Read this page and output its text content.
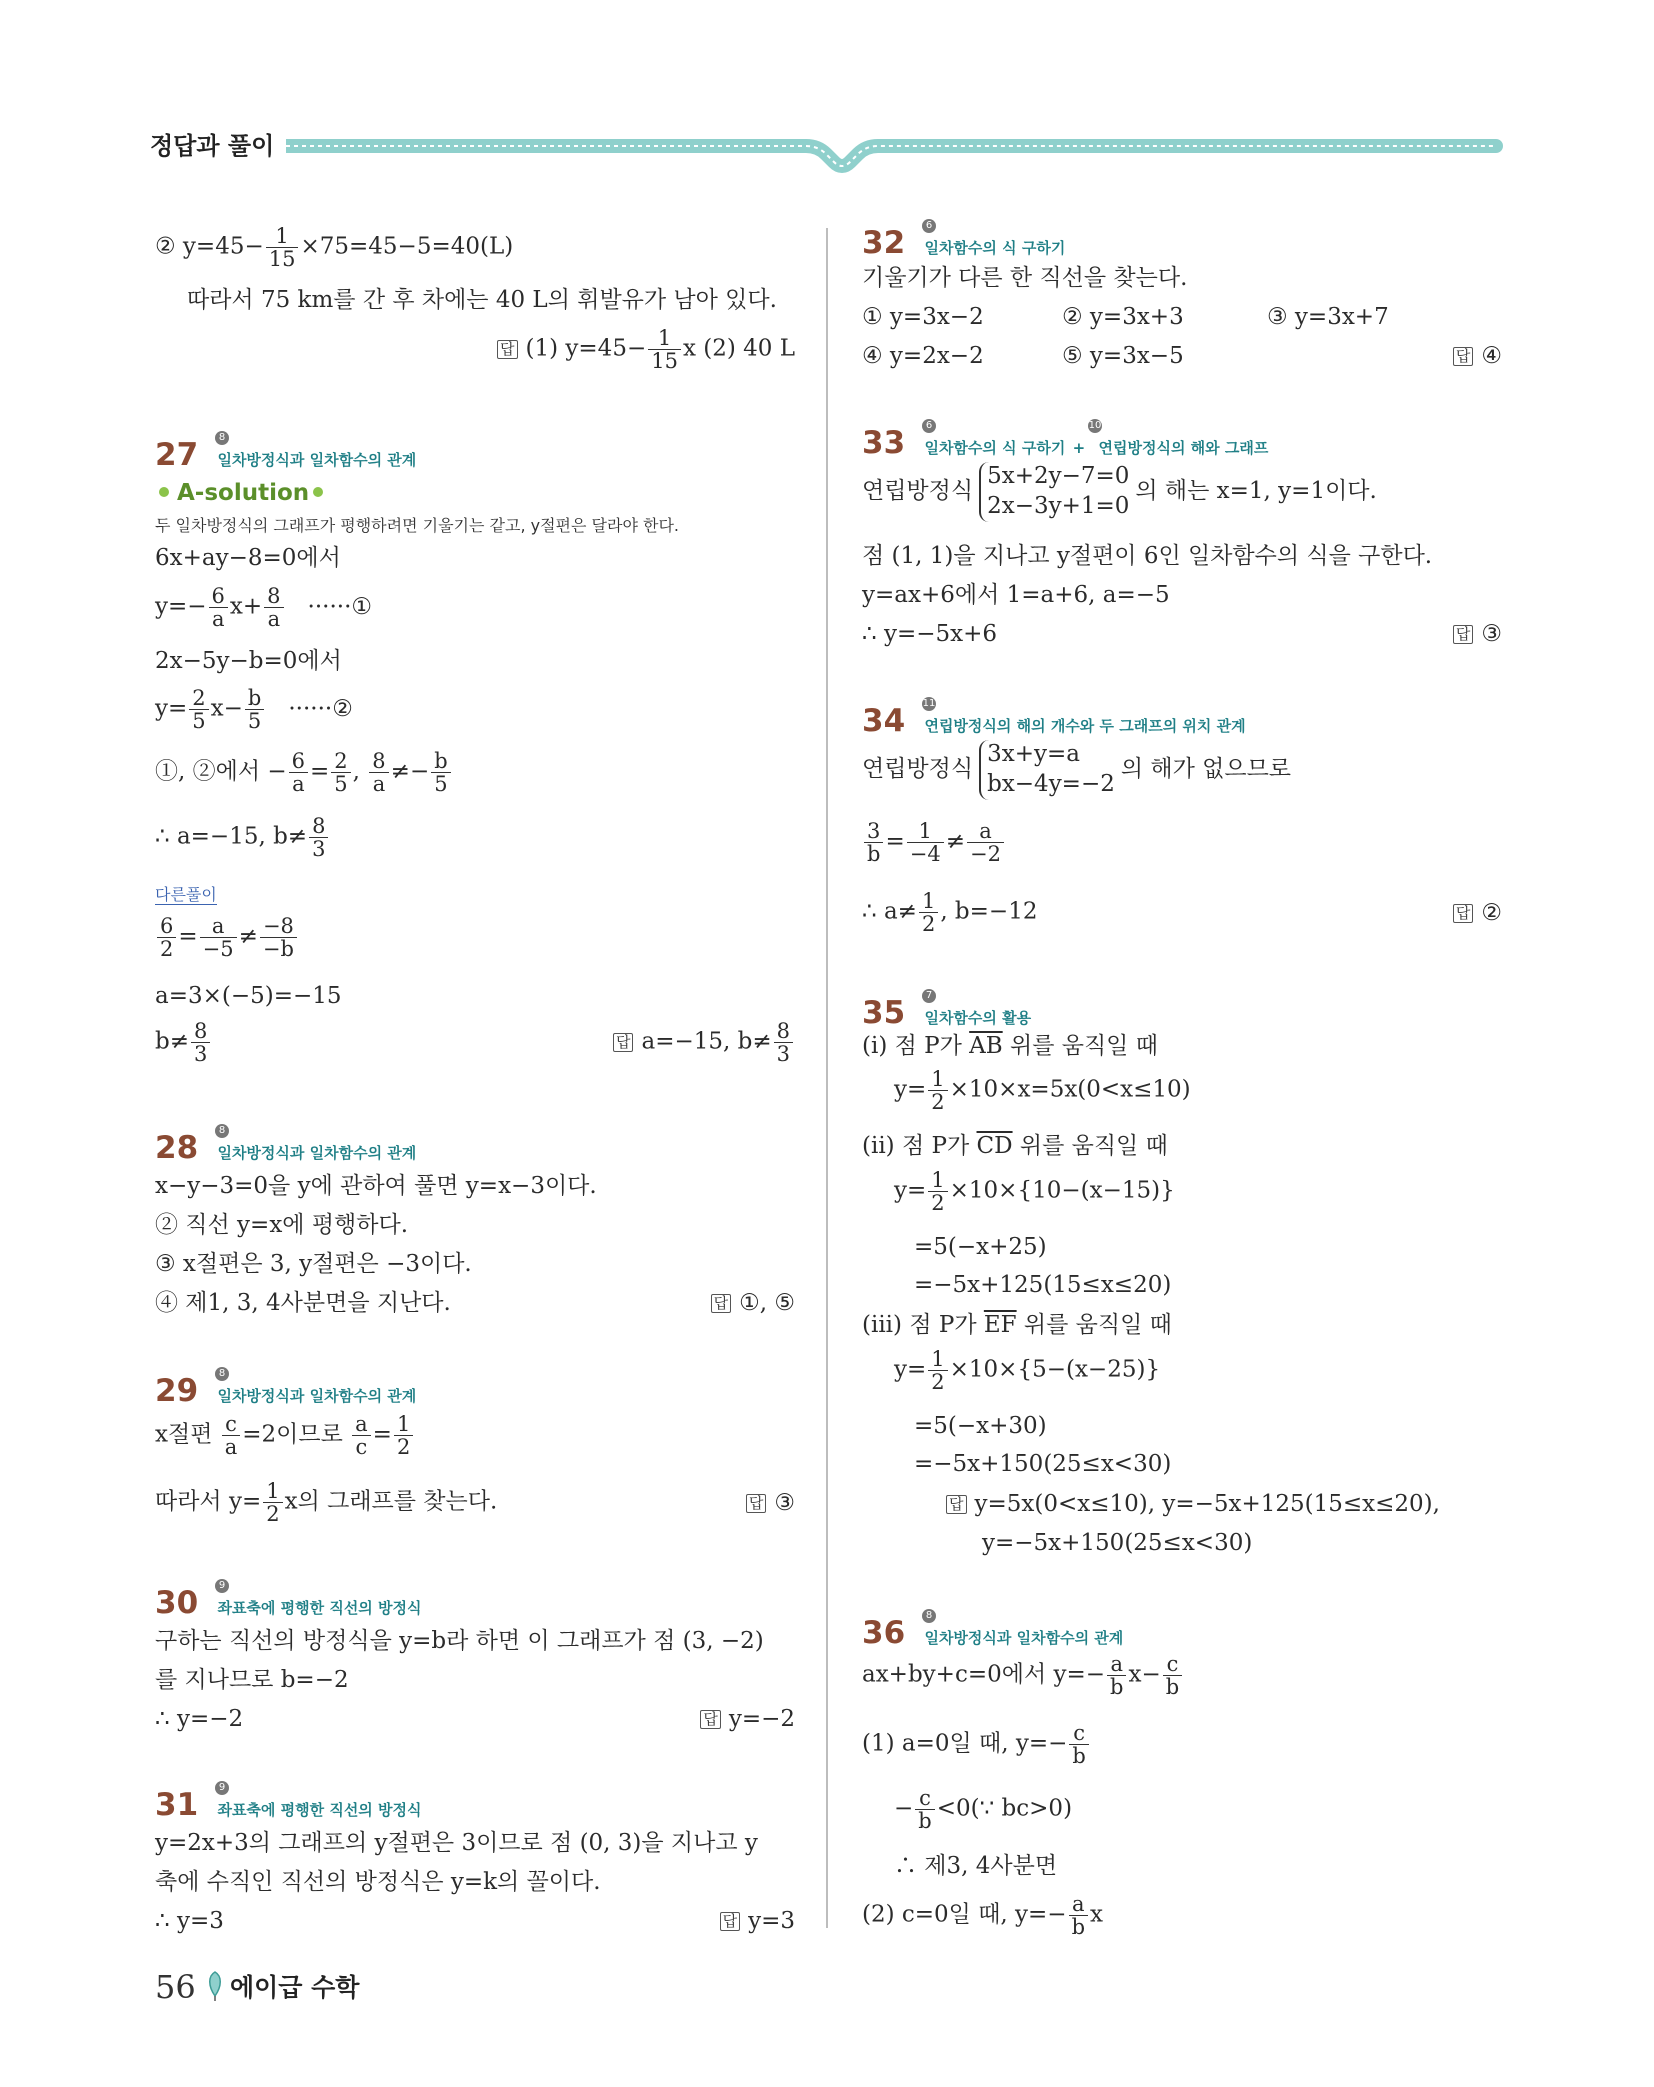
정답과 풀이
② $y=45- \frac{1}{15} \times 75=45-5=40(L)$
따라서 75 km를 간 후 차에는 40 L의 휘발유가 남아 있다.
답 (1) $y=45- \frac{1}{15}$ x (2) 40 L
27 일차방정식과 일차함수의 관계
8
A-solution
두 일차방정식의 그래프가 평행하려면 기울기는 같고, y절편은 달라야 한다.
6x+ay−8=0에서
$y=- \frac{6}{a} x+ \frac{8}{a}$ ······①
2x−5y−b=0에서
$y= \frac{2}{5} x- \frac{b}{5}$ ······②
①, ②에서 − $\frac{6}{a} = \frac{2}{5}$ , $\frac{8}{a} \ne- \frac{b}{5}$
∴ a=−15, $b\ne \frac{8}{3}$
다른풀이
$\frac{6}{2} = \frac{a}{-5} \ne \frac{-8}{-b}$
a=3×(−5)=−15
$b\ne \frac{8}{3}$	답 a=−15, $b\ne \frac{8}{3}$
28 일차방정식과 일차함수의 관계
8
x−y−3=0을 y에 관하여 풀면 y=x−3이다.
② 직선 y=x에 평행하다.
③ x절편은 3, y절편은 −3이다.
④ 제1, 3, 4사분면을 지난다.	답 ①, ⑤
29 일차방정식과 일차함수의 관계
8
x절편 $\frac{c}{a} =2$이므로 $\frac{a}{c} = \frac{1}{2}$
따라서 $y= \frac{1}{2}$ x의 그래프를 찾는다.	답 ③
30 좌표축에 평행한 직선의 방정식
9
구하는 직선의 방정식을 y=b라 하면 이 그래프가 점 (3, −2)
를 지나므로 b=−2
∴ y=−2	답 y=−2
31 좌표축에 평행한 직선의 방정식
9
y=2x+3의 그래프의 y절편은 3이므로 점 (0, 3)을 지나고 y
축에 수직인 직선의 방정식은 y=k의 꼴이다.
∴ y=3	답 y=3
32 일차함수의 식 구하기
6
기울기가 다른 한 직선을 찾는다.
① y=3x−2	② y=3x+3	③ y=3x+7
④ y=2x−2	⑤ y=3x−5	답 ④
33 일차함수의 식 구하기 + 연립방정식의 해와 그래프
6	10
연립방정식
5x+2y−7=0
2x−3y+1=0
의 해는 x=1, y=1이다.
점 (1, 1)을 지나고 y절편이 6인 일차함수의 식을 구한다.
y=ax+6에서 1=a+6, a=−5
∴ y=−5x+6	답 ③
34 연립방정식의 해의 개수와 두 그래프의 위치 관계
11
연립방정식
3x+y=a
bx−4y=−2
의 해가 없으므로
$\frac{3}{b} = \frac{1}{-4} \ne \frac{a}{-2}$
∴ $a\ne \frac{1}{2}$ , b=−12	답 ②
35 일차함수의 활용
7
(i) 점 P가 $\overline{AB}$ 위를 움직일 때
$y= \frac{1}{2} \times 10\times x=5x(0<x\le 10)$
(ii) 점 P가 $\overline{CD}$ 위를 움직일 때
$y= \frac{1}{2} \times 10\times\{10-(x-15)\}$
=5(−x+25)
=−5x+125(15≤x≤20)
(iii) 점 P가 $\overline{EF}$ 위를 움직일 때
$y= \frac{1}{2} \times 10\times\{5-(x-25)\}$
=5(−x+30)
=−5x+150(25≤x<30)
답 y=5x(0<x≤10), y=−5x+125(15≤x≤20),
y=−5x+150(25≤x<30)
36 일차방정식과 일차함수의 관계
8
ax+by+c=0에서 $y=- \frac{a}{b} x- \frac{c}{b}$
(1) a=0일 때, $y=- \frac{c}{b}$
− $\frac{c}{b}$ <0(∵ bc>0)
∴ 제3, 4사분면
(2) c=0일 때, $y=- \frac{a}{b}$ x
56 에이급 수학
